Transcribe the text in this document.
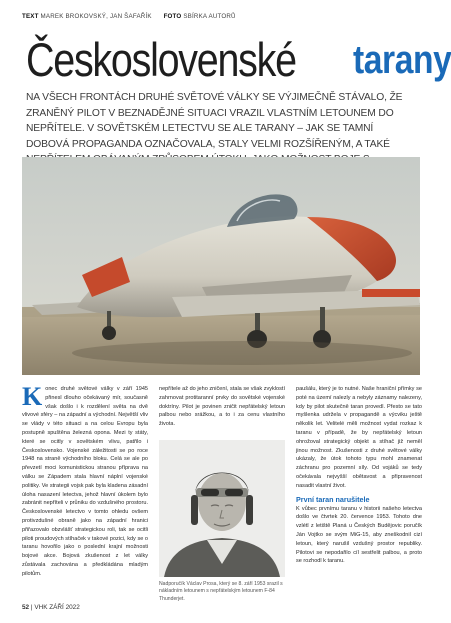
TEXT MAREK BROKOVSKÝ, JAN ŠAFAŘÍK FOTO SBÍRKA AUTORŮ
Československé tarany
NA VŠECH FRONTÁCH DRUHÉ SVĚTOVÉ VÁLKY SE VÝJIMEČNĚ STÁVALO, ŽE ZRANĚNÝ PILOT V BEZNADĚJNÉ SITUACI VRAZIL VLASTNÍM LETOUNEM DO NEPŘÍTELE. V SOVĚTSKÉM LETECTVU SE ALE TARANY – JAK SE TAMNÍ DOBOVÁ PROPAGANDA OZNAČOVALA, STALY VELMI ROZŠÍŘENÝM, A TAKÉ
K onec druhé světové války v září 1945 přinesl dlouho očekávaný mír, současně však došlo i k rozdělení světa na dvě vlivové sféry – na západní a východní. Největší vliv se vlády v této situaci a na celou Evropu byla postupně spuštěna železná opona. Mezi ty státy, které se ocitly v sovětském vlivu, patřilo i Československo. Vojenské záležitosti se po roce 1948 na straně východního bloku. Celá se ale po převzetí moci komunistickou stranou příprava na válku se Západem stala hlavní náplní vojenské politiky. Ve strategii vojsk pak byla kladena zásadní úloha nasazení letectva, jehož hlavní úkolem bylo zabránit nepříteli v průniku do vzdušného prostoru. Československé letectvo v tomto ohledu ovšem protivzdušné obraně jako na západní hranici přiřazovalo obzvlášť strategickou roli, tak se ocitli piloti proudových stíhaček v takové pozici, kdy se o taranu hovořilo jako o poslední krajní možnosti bojové akce. Bojová zkušenost z let války zůstávala zachována a předkládána mladým pilotům.

nepřítele až do jeho zničení, stala se však zvyklostí zahrnovat protitaranní prvky do sovětské vojenské doktríny. Pilot je povinen zničit nepřátelský letoun palbou nebo srážkou, a to i za cenu vlastního života.

Nadporučík Václav Prosa, který se 8. září 1953 srazil s nákladním letounem s nepřátelským letounem F-84 Thunderjet.

paušálu, který je to nutné. Naše hraniční přímky se poté na území nalezly a nebyly záznamy nalezeny, kdy by pilot skutečně taran provedl. Přesto se tato myšlenka udržela v propagandě a výcviku ještě několik let. Velitelé měli možnost vydat rozkaz k taranu v případě, že by nepřátelský letoun ohrožoval strategický objekt a stíhač již neměl jinou možnost. Zkušenosti z druhé světové války ukázaly, že útok tohoto typu mohl znamenat záchranu pro pozemní síly. Od vojáků se tedy očekávala nejvyšší obětavost a připravenost nasadit vlastní život.

První taran narušitele

K vůbec prvnímu taranu v historii našeho letectva došlo ve čtvrtek 20. července 1953. Tohoto dne vzlétl z letiště Planá u Českých Budějovic poručík Ján Vojtko se svým MiG-15, aby zneškodnil cizí letoun, který narušil vzdušný prostor republiky. Pilotovi se nepodařilo cíl sestřelit palbou, a proto se rozhodl k taranu.

52 | VHK ZÁŘÍ 2022
